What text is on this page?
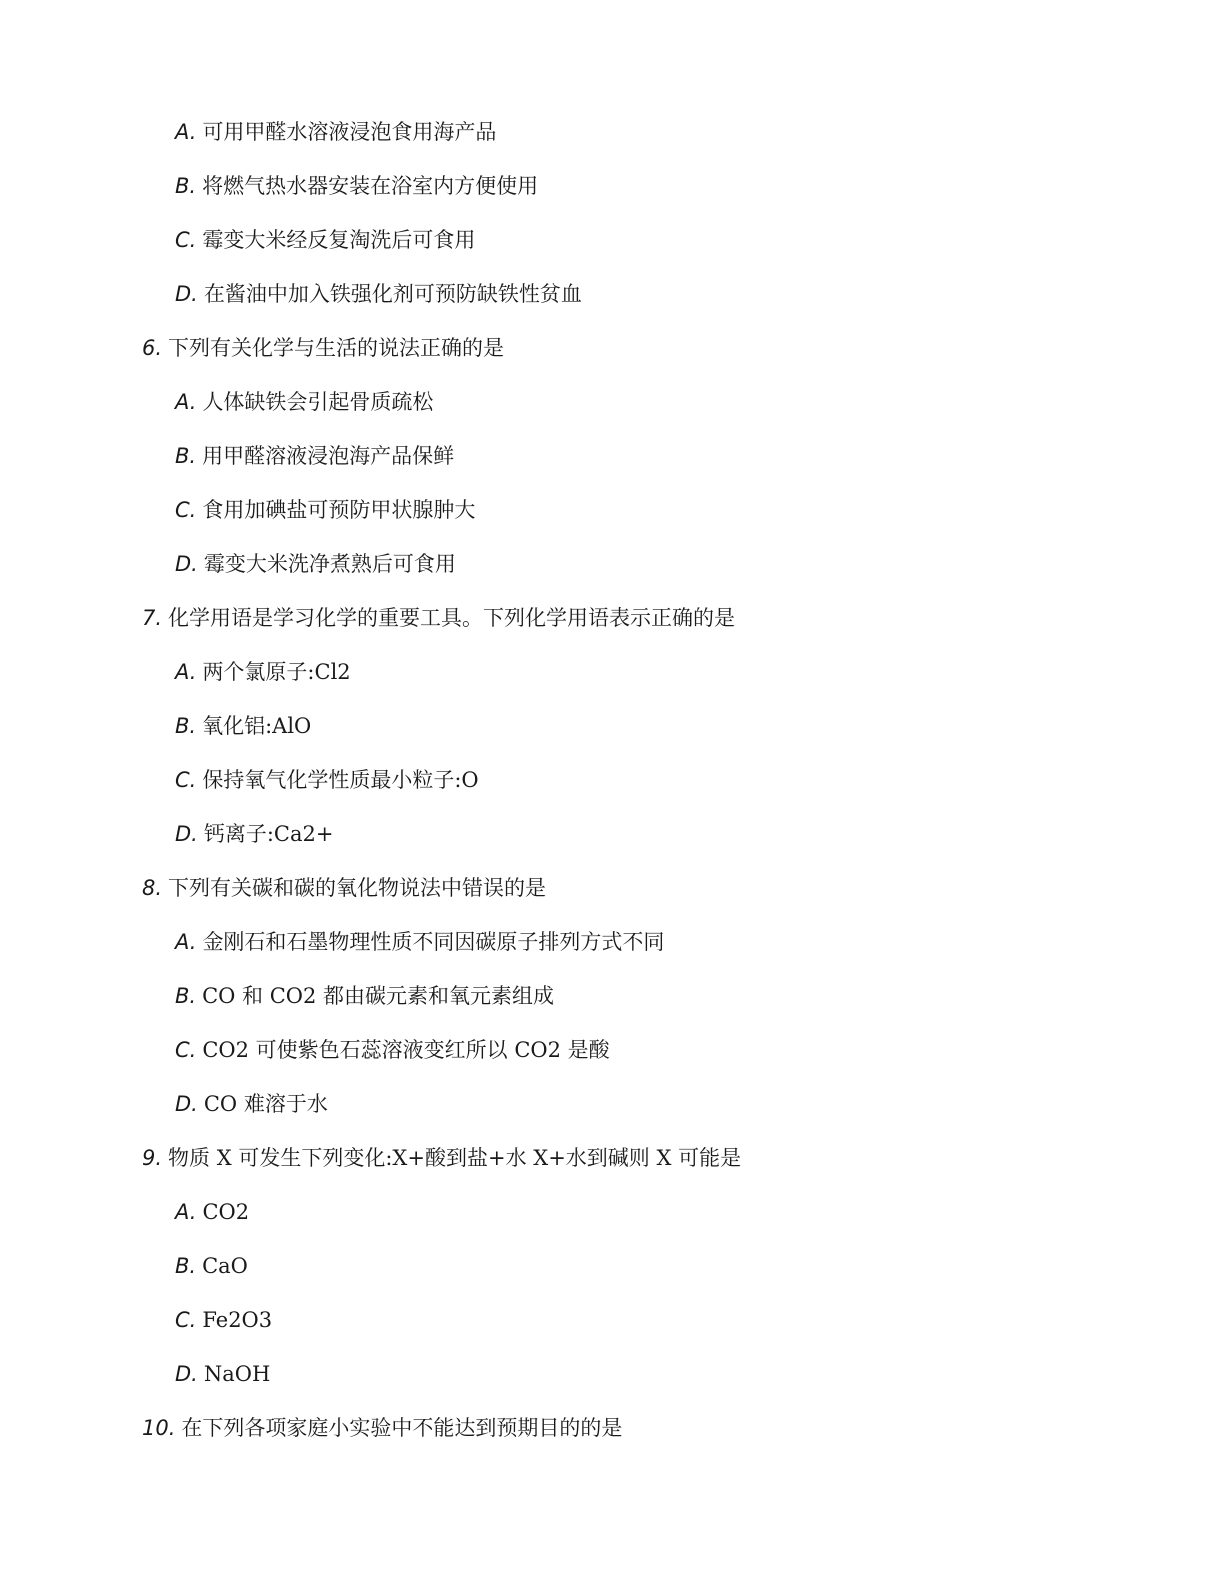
A. 可用甲醛水溶液浸泡食用海产品
B. 将燃气热水器安装在浴室内方便使用
C. 霉变大米经反复淘洗后可食用
D. 在酱油中加入铁强化剂可预防缺铁性贫血
6. 下列有关化学与生活的说法正确的是
A. 人体缺铁会引起骨质疏松
B. 用甲醛溶液浸泡海产品保鲜
C. 食用加碘盐可预防甲状腺肿大
D. 霉变大米洗净煮熟后可食用
7. 化学用语是学习化学的重要工具。下列化学用语表示正确的是
A. 两个氯原子:Cl2
B. 氧化铝:AlO
C. 保持氧气化学性质最小粒子:O
D. 钙离子:Ca2+
8. 下列有关碳和碳的氧化物说法中错误的是
A. 金刚石和石墨物理性质不同因碳原子排列方式不同
B. CO 和 CO2 都由碳元素和氧元素组成
C. CO2 可使紫色石蕊溶液变红所以 CO2 是酸
D. CO 难溶于水
9. 物质 X 可发生下列变化:X+酸到盐+水 X+水到碱则 X 可能是
A. CO2
B. CaO
C. Fe2O3
D. NaOH
10. 在下列各项家庭小实验中不能达到预期目的的是
